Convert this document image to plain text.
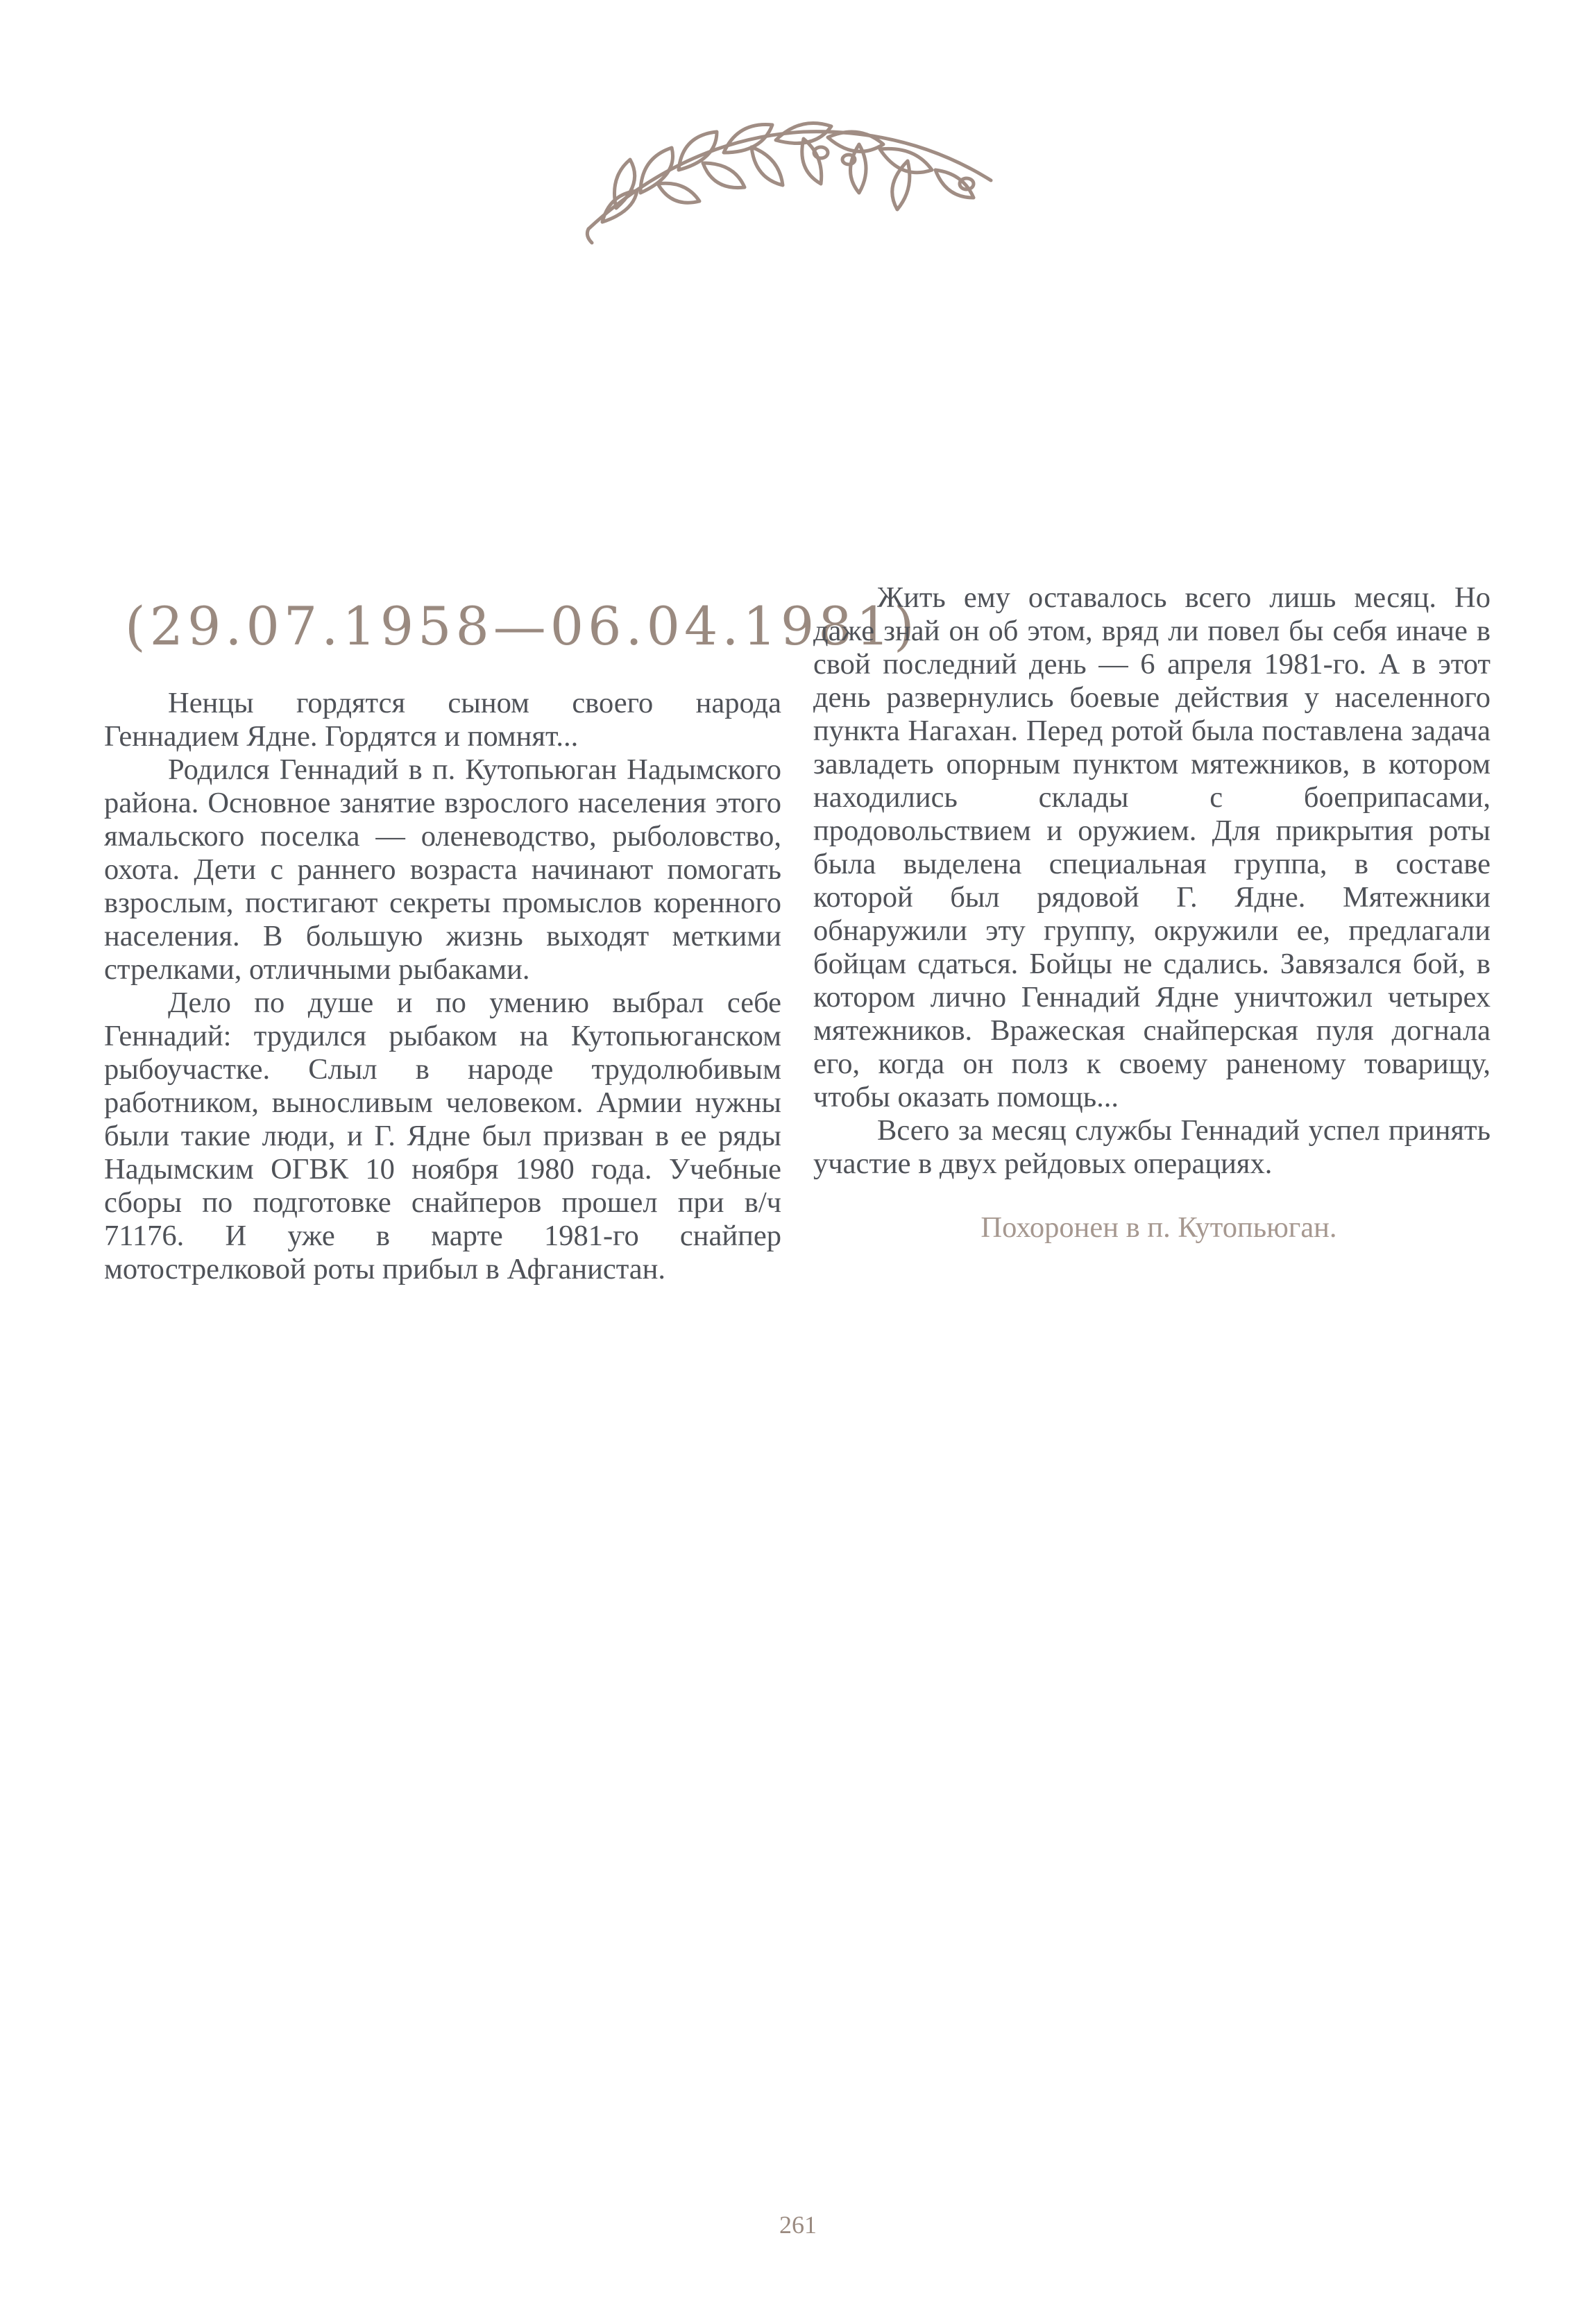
(29.07.1958—06.04.1981)

Ненцы гордятся сыном своего народа Геннадием Ядне. Гордятся и помнят...

Родился Геннадий в п. Кутопьюган Надымского района. Основное занятие взрослого населения этого ямальского поселка — оленеводство, рыболовство, охота. Дети с раннего возраста начинают помогать взрослым, постигают секреты промыслов коренного населения. В большую жизнь выходят меткими стрелками, отличными рыбаками.

Дело по душе и по умению выбрал себе Геннадий: трудился рыбаком на Кутопьюганском рыбоучастке. Слыл в народе трудолюбивым работником, выносливым человеком. Армии нужны были такие люди, и Г. Ядне был призван в ее ряды Надымским ОГВК 10 ноября 1980 года. Учебные сборы по подготовке снайперов прошел при в/ч 71176. И уже в марте 1981-го снайпер мотострелковой роты прибыл в Афганистан.

Жить ему оставалось всего лишь месяц. Но даже знай он об этом, вряд ли повел бы себя иначе в свой последний день — 6 апреля 1981-го. А в этот день развернулись боевые действия у населенного пункта Нагахан. Перед ротой была поставлена задача завладеть опорным пунктом мятежников, в котором находились склады с боеприпасами, продовольствием и оружием. Для прикрытия роты была выделена специальная группа, в составе которой был рядовой Г. Ядне. Мятежники обнаружили эту группу, окружили ее, предлагали бойцам сдаться. Бойцы не сдались. Завязался бой, в котором лично Геннадий Ядне уничтожил четырех мятежников. Вражеская снайперская пуля догнала его, когда он полз к своему раненому товарищу, чтобы оказать помощь...

Всего за месяц службы Геннадий успел принять участие в двух рейдовых операциях.

Похоронен в п. Кутопьюган.
261
